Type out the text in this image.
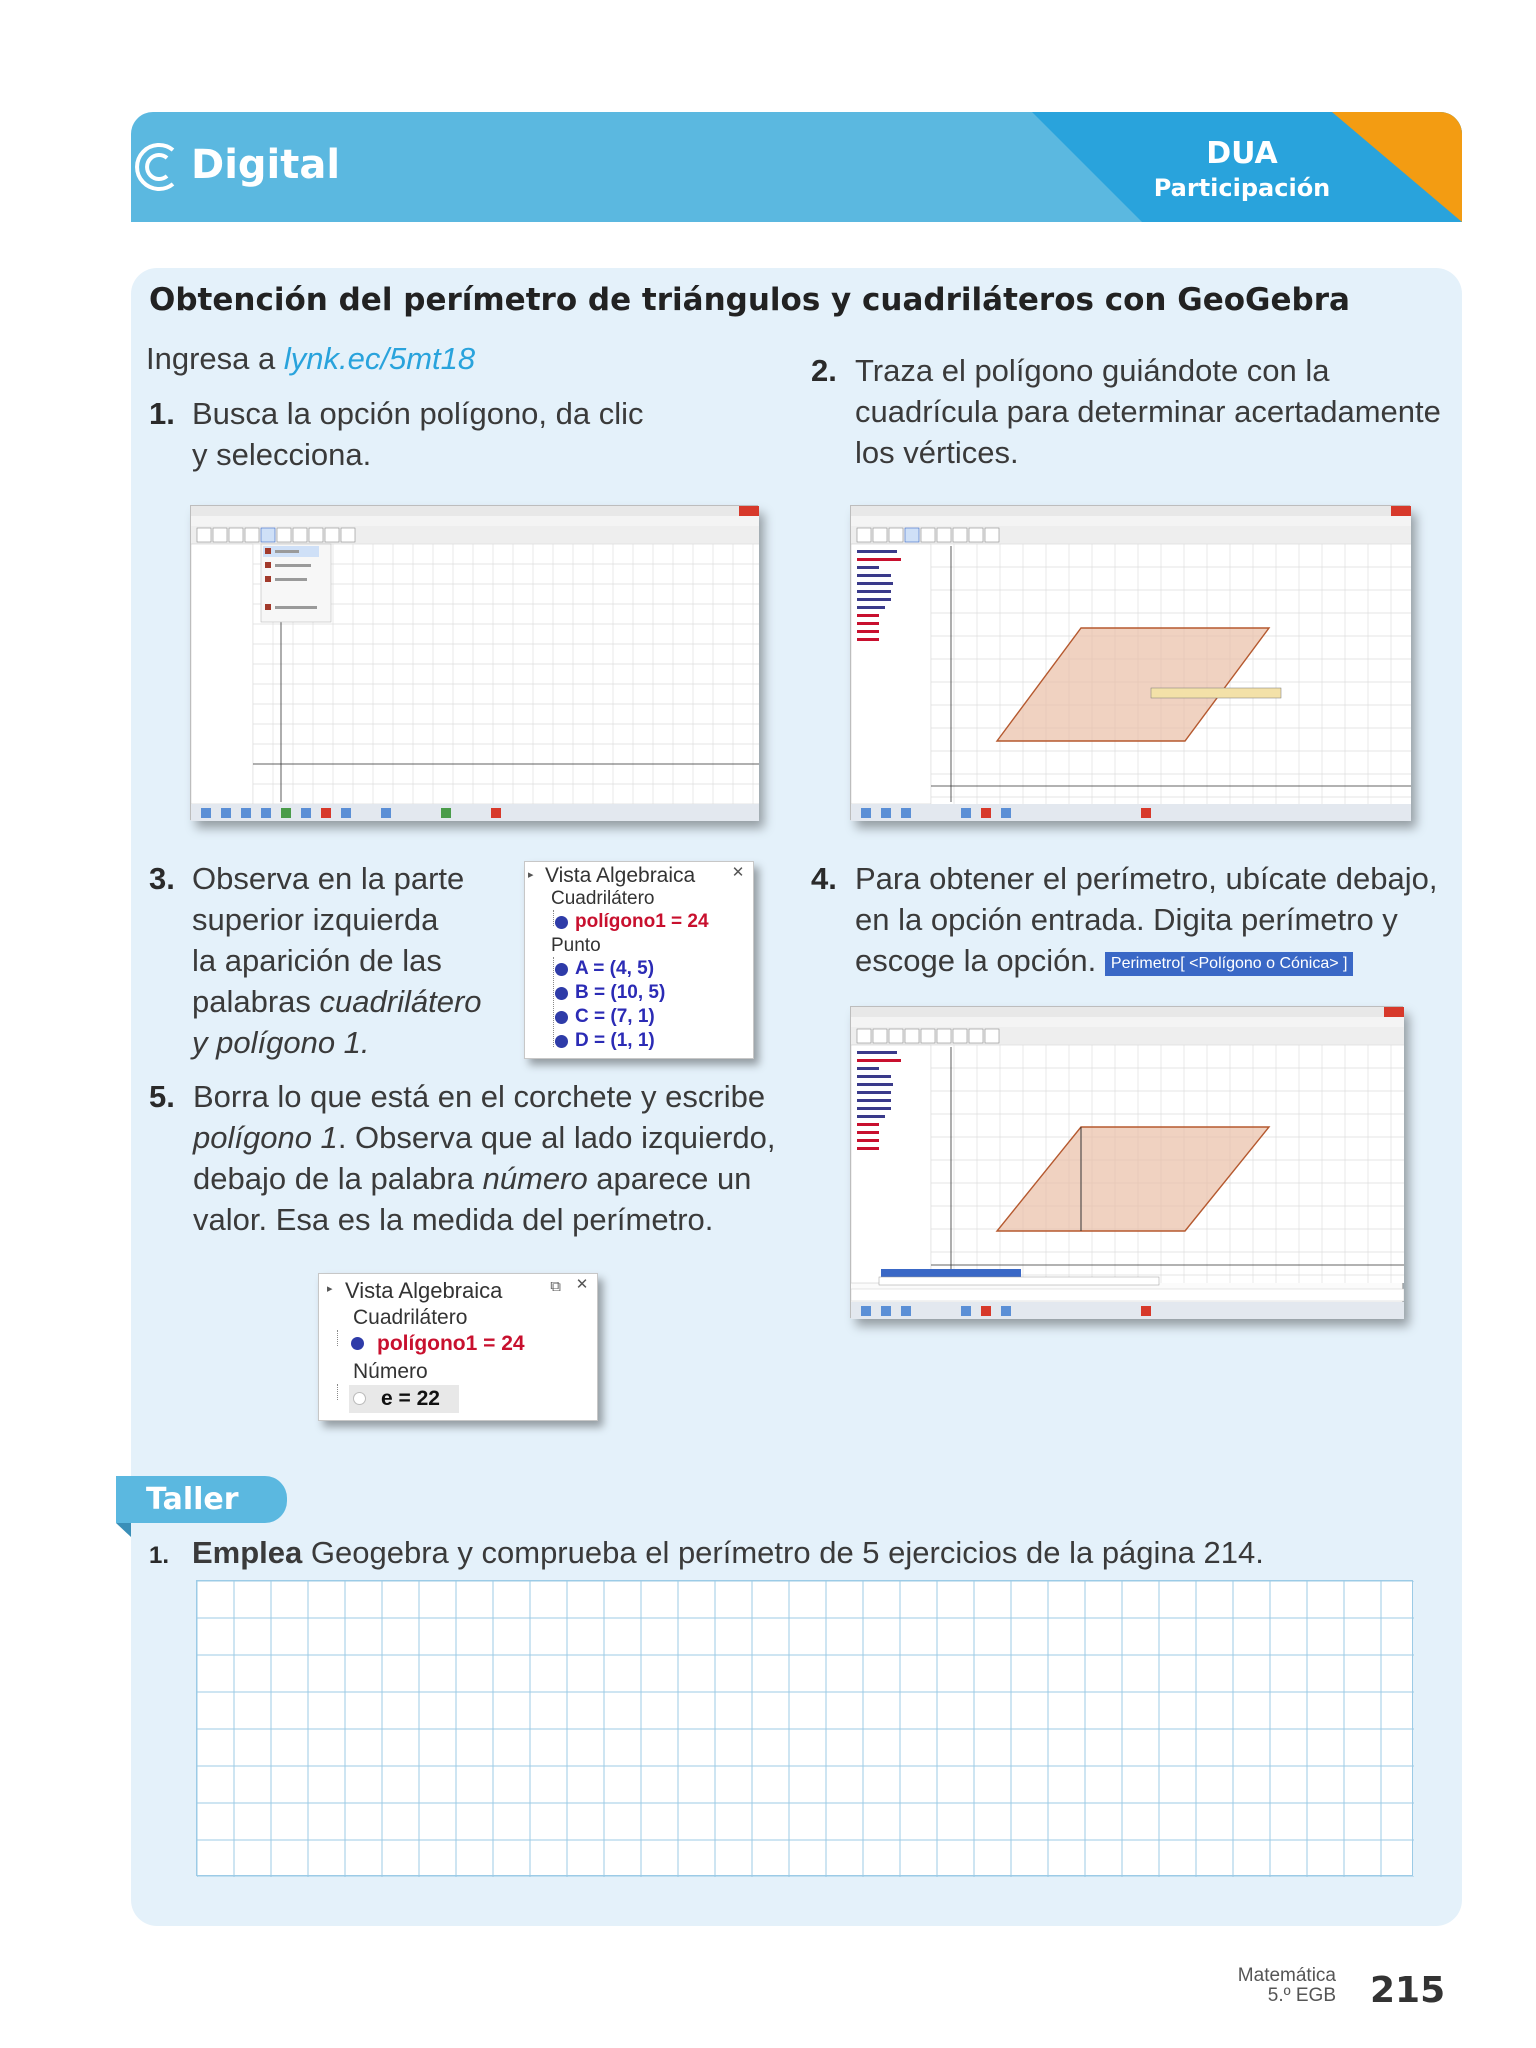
Digital	DUA
Participación
Obtención del perímetro de triángulos y cuadriláteros con GeoGebra
Ingresa a lynk.ec/5mt18
1. Busca la opción polígono, da clic
y selecciona.
2. Traza el polígono guiándote con la
cuadrícula para determinar acertadamente
los vértices.
3. Observa en la parte
superior izquierda
la aparición de las
palabras cuadrilátero
y polígono 1.
▸ Vista Algebraica ✕
Cuadrilátero
polígono1 = 24
Punto
A = (4, 5)
B = (10, 5)
C = (7, 1)
D = (1, 1)
4. Para obtener el perímetro, ubícate debajo,
en la opción entrada. Digita perímetro y
escoge la opción. Perimetro[ <Polígono o Cónica> ]
5. Borra lo que está en el corchete y escribe
polígono 1. Observa que al lado izquierdo,
debajo de la palabra número aparece un
valor. Esa es la medida del perímetro.
▸ Vista Algebraica	⧉ ✕
Cuadrilátero
polígono1 = 24
Número
e = 22
Taller
1. Emplea Geogebra y comprueba el perímetro de 5 ejercicios de la página 214.
Matemática
5.º EGB 215
